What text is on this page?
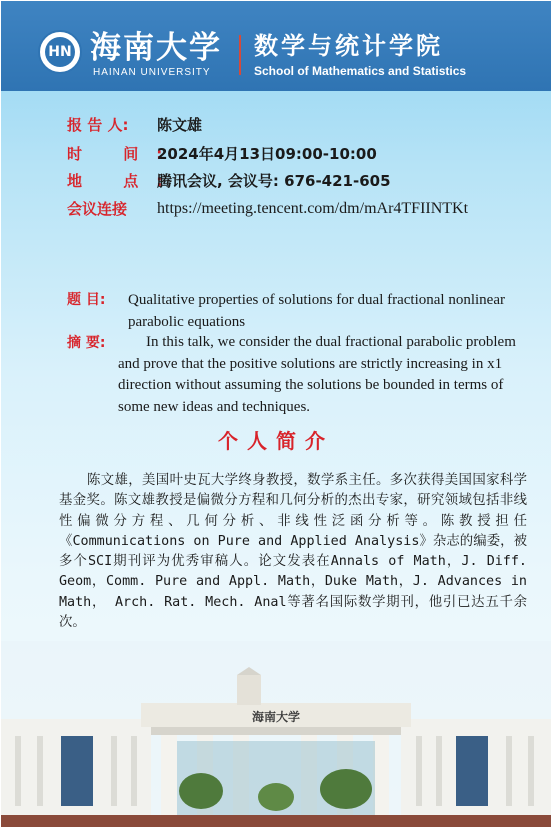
HN 海南大学
HAINAN UNIVERSITY
数学与统计学院
School of Mathematics and Statistics
报 告 人:	陈文雄
时 间:
2024年4月13日09:00-10:00
地 点:
腾讯会议, 会议号: 676-421-605
会议连接	https://meeting.tencent.com/dm/mAr4TFIINTKt
题 目: Qualitative properties of solutions for dual fractional nonlinear parabolic equations
摘 要:	In this talk, we consider the dual fractional parabolic problem and prove that the positive solutions are strictly increasing in x1 direction without assuming the solutions be bounded in terms of some new ideas and techniques.
个人简介
陈文雄，美国叶史瓦大学终身教授，数学系主任。多次获得美国国家科学基金奖。陈文雄教授是偏微分方程和几何分析的杰出专家，研究领域包括非线性偏微分方程、几何分析、非线性泛函分析等。陈教授担任《Communications on Pure and Applied Analysis》杂志的编委，被多个SCI期刊评为优秀审稿人。论文发表在Annals of Math，J. Diff. Geom，Comm. Pure and Appl. Math，Duke Math，J. Advances in Math， Arch. Rat. Mech. Anal等著名国际数学期刊，他引已达五千余次。
海南大学
